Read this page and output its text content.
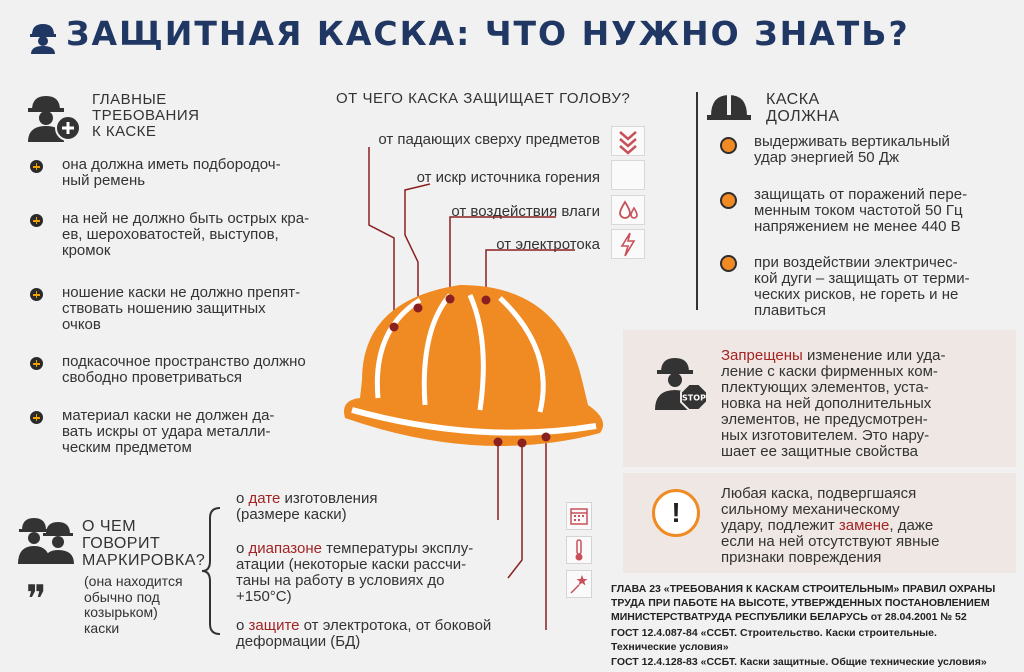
ЗАЩИТНАЯ КАСКА: ЧТО НУЖНО ЗНАТЬ?
ГЛАВНЫЕ
ТРЕБОВАНИЯ
К КАСКЕ
она должна иметь подбородоч-
ный ремень
на ней не должно быть острых кра-
ев, шероховатостей, выступов,
кромок
ношение каски не должно препят-
ствовать ношению защитных
очков
подкасочное пространство должно
свободно проветриваться
материал каски не должен да-
вать искры от удара металли-
ческим предметом
ОТ ЧЕГО КАСКА ЗАЩИЩАЕТ ГОЛОВУ?
от падающих сверху предметов
от искр источника горения
от воздействия влаги
от электротока
КАСКА
ДОЛЖНА
выдерживать вертикальный
удар энергией 50 Дж
защищать от поражений пере-
менным током частотой 50 Гц
напряжением не менее 440 В
при воздействии электричес-
кой дуги – защищать от терми-
ческих рисков, не гореть и не
плавиться
STOP
Запрещены изменение или уда-
ление с каски фирменных ком-
плектующих элементов, уста-
новка на ней дополнительных
элементов, не предусмотрен-
ных изготовителем. Это нару-
шает ее защитные свойства
!
Любая каска, подвергшаяся
сильному механическому
удару, подлежит замене, даже
если на ней отсутствуют явные
признаки повреждения
О ЧЕМ
ГОВОРИТ
МАРКИРОВКА?
❞	(она находится
обычно под
козырьком)
каски
о дате изготовления
(размере каски)
о диапазоне температуры эксплу-
атации (некоторые каски рассчи-
таны на работу в условиях до
+150°C)
о защите от электротока, от боковой
деформации (БД)
ГЛАВА 23 «ТРЕБОВАНИЯ К КАСКАМ СТРОИТЕЛЬНЫМ» ПРАВИЛ ОХРАНЫ
ТРУДА ПРИ ПАБОТЕ НА ВЫСОТЕ, УТВЕРЖДЕННЫХ ПОСТАНОВЛЕНИЕМ
МИНИСТЕРСТВАТРУДА РЕСПУБЛИКИ БЕЛАРУСЬ от 28.04.2001 № 52
ГОСТ 12.4.087-84 «ССБТ. Строительство. Каски строительные.
Технические условия»
ГОСТ 12.4.128-83 «ССБТ. Каски защитные. Общие технические условия»
